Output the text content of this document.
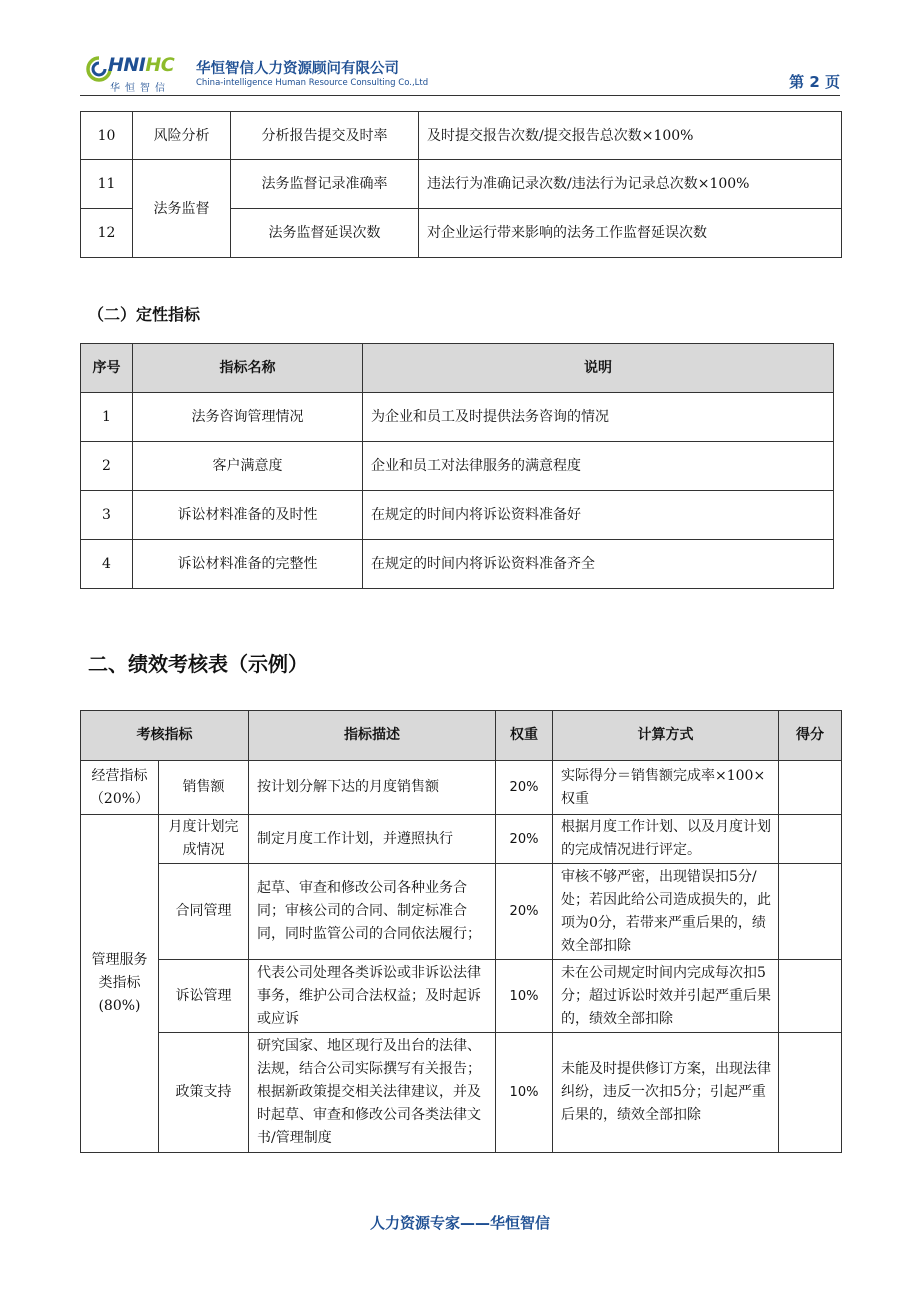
HNIHC
华恒智信
华恒智信人力资源顾问有限公司
China-intelligence Human Resource Consulting Co.,Ltd	第 2 页
10	风险分析	分析报告提交及时率	及时提交报告次数/提交报告总次数×100%
11	法务监督	法务监督记录准确率	违法行为准确记录次数/违法行为记录总次数×100%
12		法务监督延误次数	对企业运行带来影响的法务工作监督延误次数
（二）定性指标
序号	指标名称	说明
1	法务咨询管理情况	为企业和员工及时提供法务咨询的情况
2	客户满意度	企业和员工对法律服务的满意程度
3	诉讼材料准备的及时性	在规定的时间内将诉讼资料准备好
4	诉讼材料准备的完整性	在规定的时间内将诉讼资料准备齐全
二、绩效考核表（示例）
考核指标		指标描述	权重	计算方式	得分
经营指标（20%）	销售额	按计划分解下达的月度销售额	20%	实际得分＝销售额完成率×100×权重	
管理服务类指标(80%)	月度计划完成情况	制定月度工作计划，并遵照执行	20%	根据月度工作计划、以及月度计划的完成情况进行评定。	
	合同管理	起草、审查和修改公司各种业务合同；审核公司的合同、制定标准合同，同时监管公司的合同依法履行；	20%	审核不够严密，出现错误扣5分/处；若因此给公司造成损失的，此项为0分，若带来严重后果的，绩效全部扣除	
	诉讼管理	代表公司处理各类诉讼或非诉讼法律事务，维护公司合法权益；及时起诉或应诉	10%	未在公司规定时间内完成每次扣5分；超过诉讼时效并引起严重后果的，绩效全部扣除	
	政策支持	研究国家、地区现行及出台的法律、法规，结合公司实际撰写有关报告；根据新政策提交相关法律建议，并及时起草、审查和修改公司各类法律文书/管理制度	10%	未能及时提供修订方案，出现法律纠纷，违反一次扣5分；引起严重后果的，绩效全部扣除	
人力资源专家——华恒智信
